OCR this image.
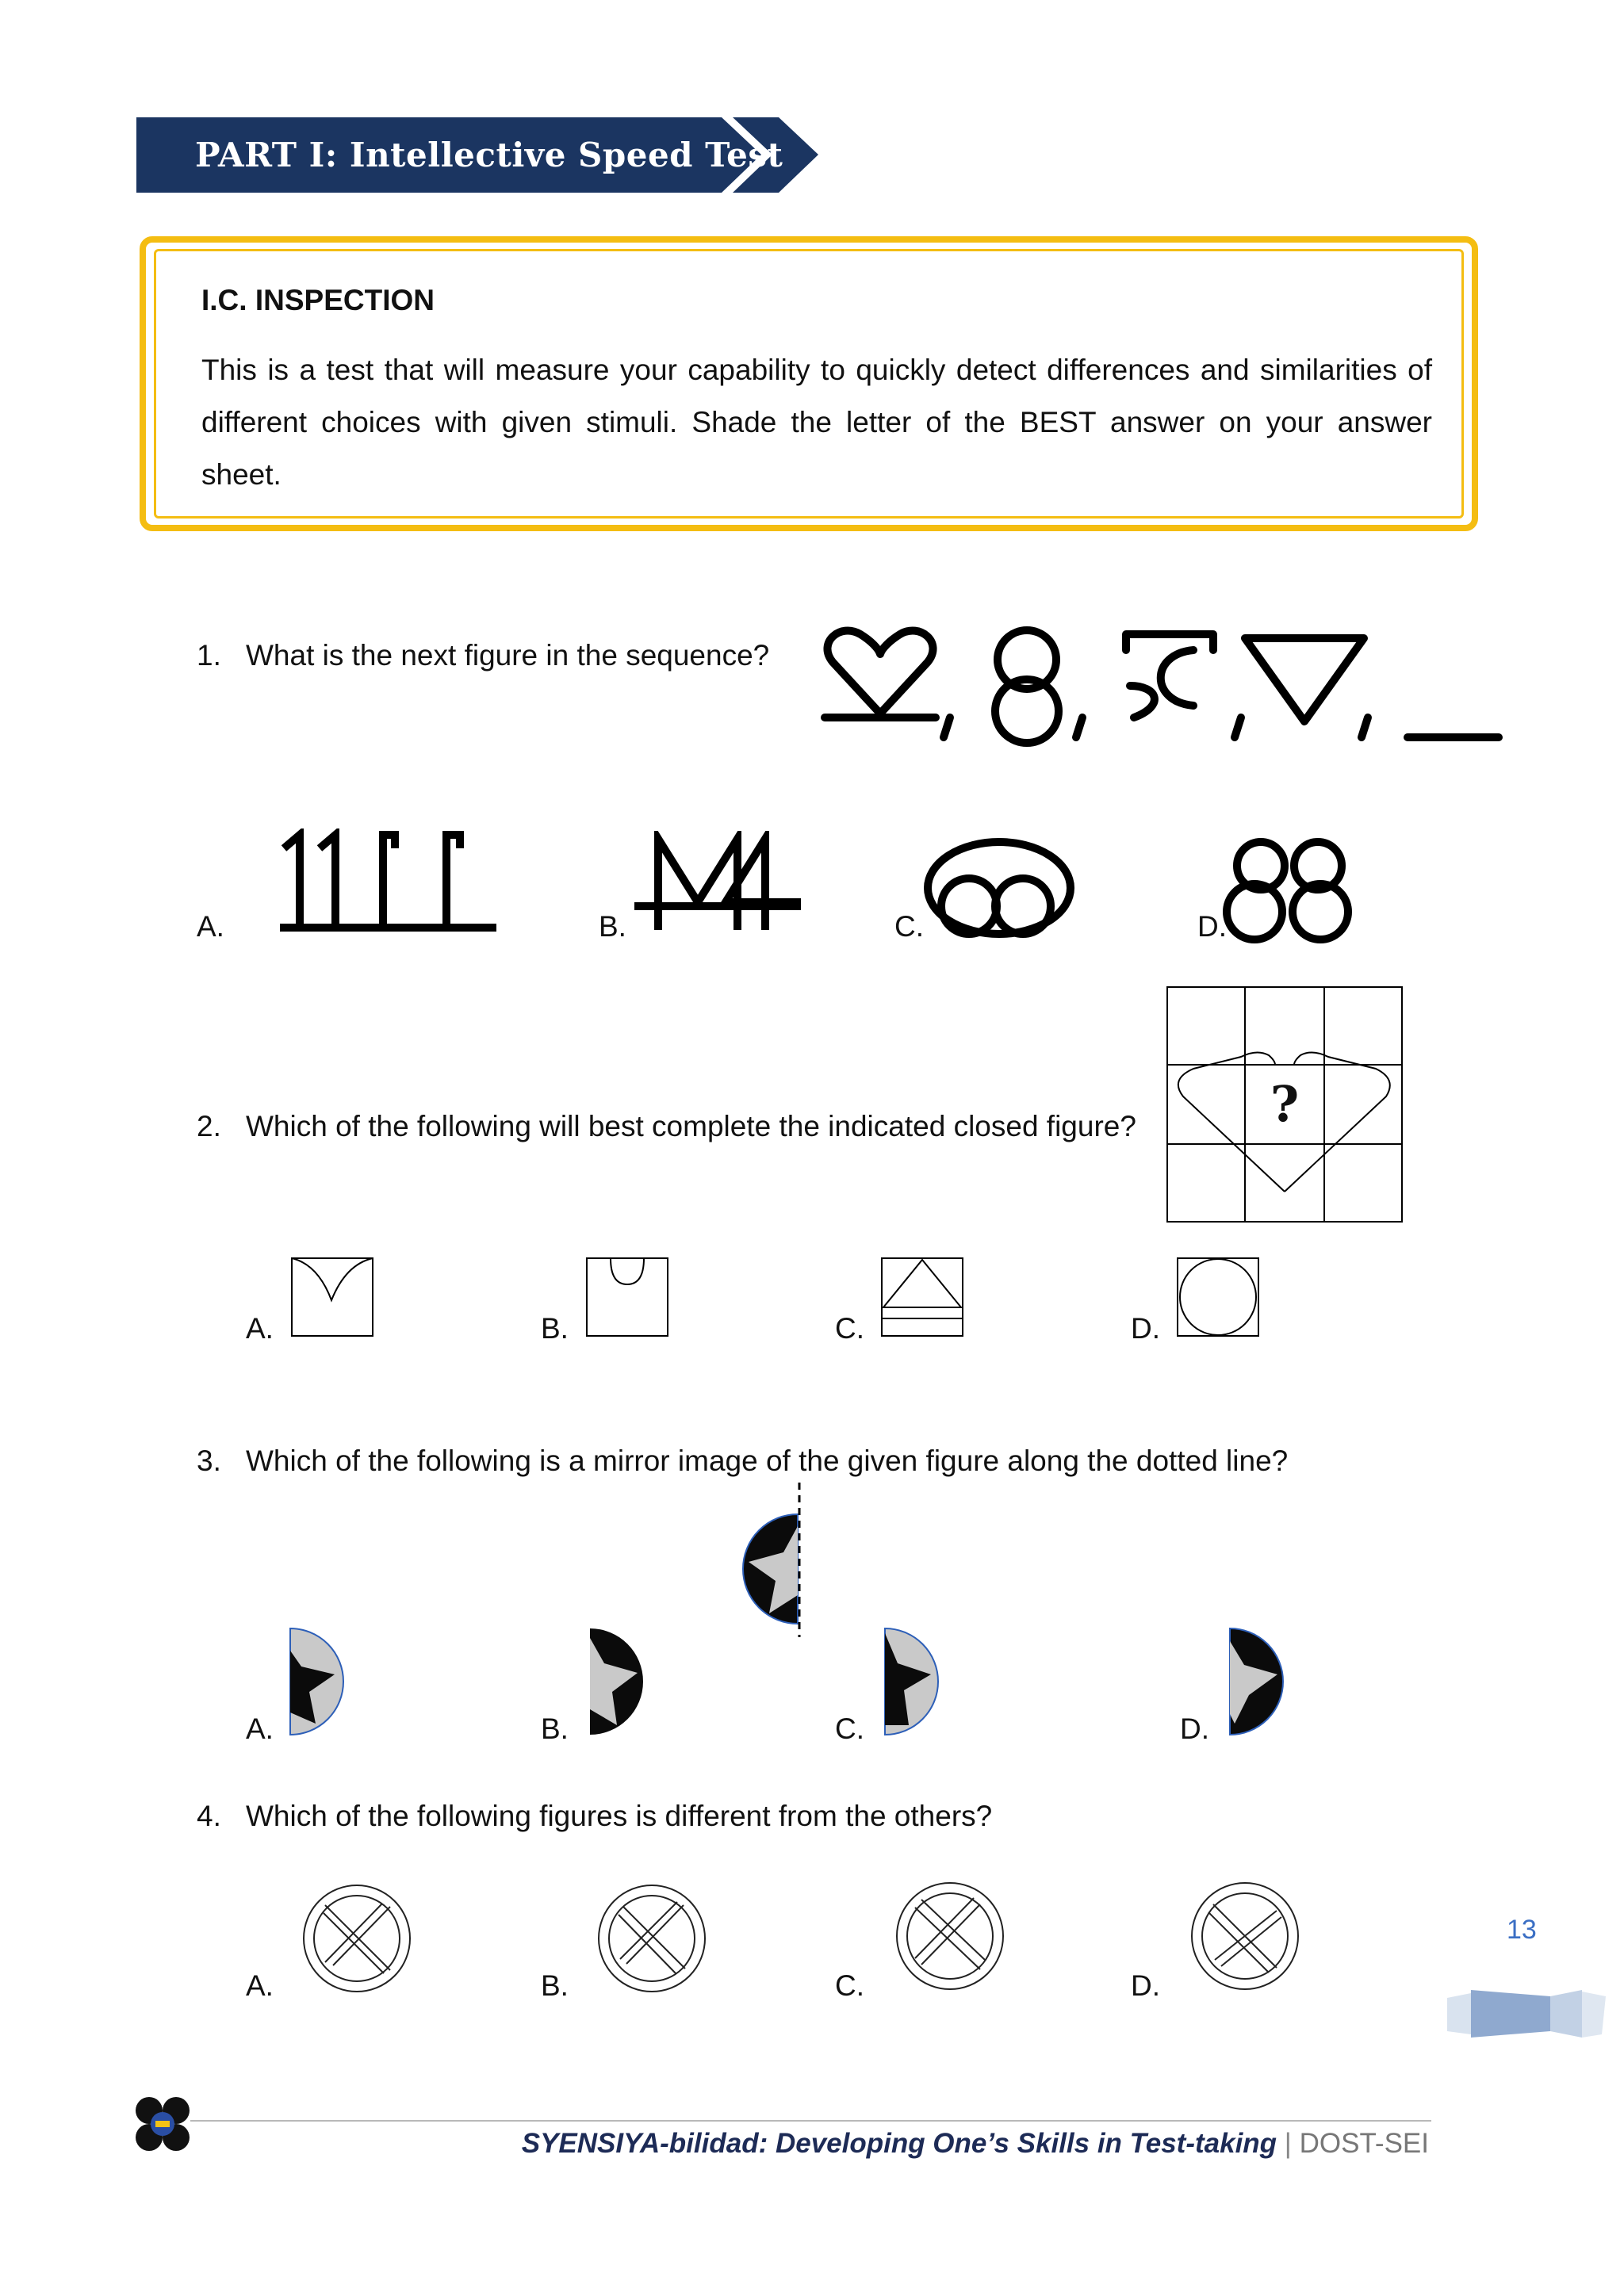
PART I: Intellective Speed Test
I.C. INSPECTION
This is a test that will measure your capability to quickly detect differences and similarities of different choices with given stimuli. Shade the letter of the BEST answer on your answer sheet.
1. What is the next figure in the sequence?
A.	B.	C.	D.
2. Which of the following will best complete the indicated closed figure?	?
A.	B.	C.	D.
3. Which of the following is a mirror image of the given figure along the dotted line?
A.	B.	C.	D.
4. Which of the following figures is different from the others?
A.	B.	C.	D.
13
SYENSIYA-bilidad: Developing One’s Skills in Test-taking | DOST-SEI
